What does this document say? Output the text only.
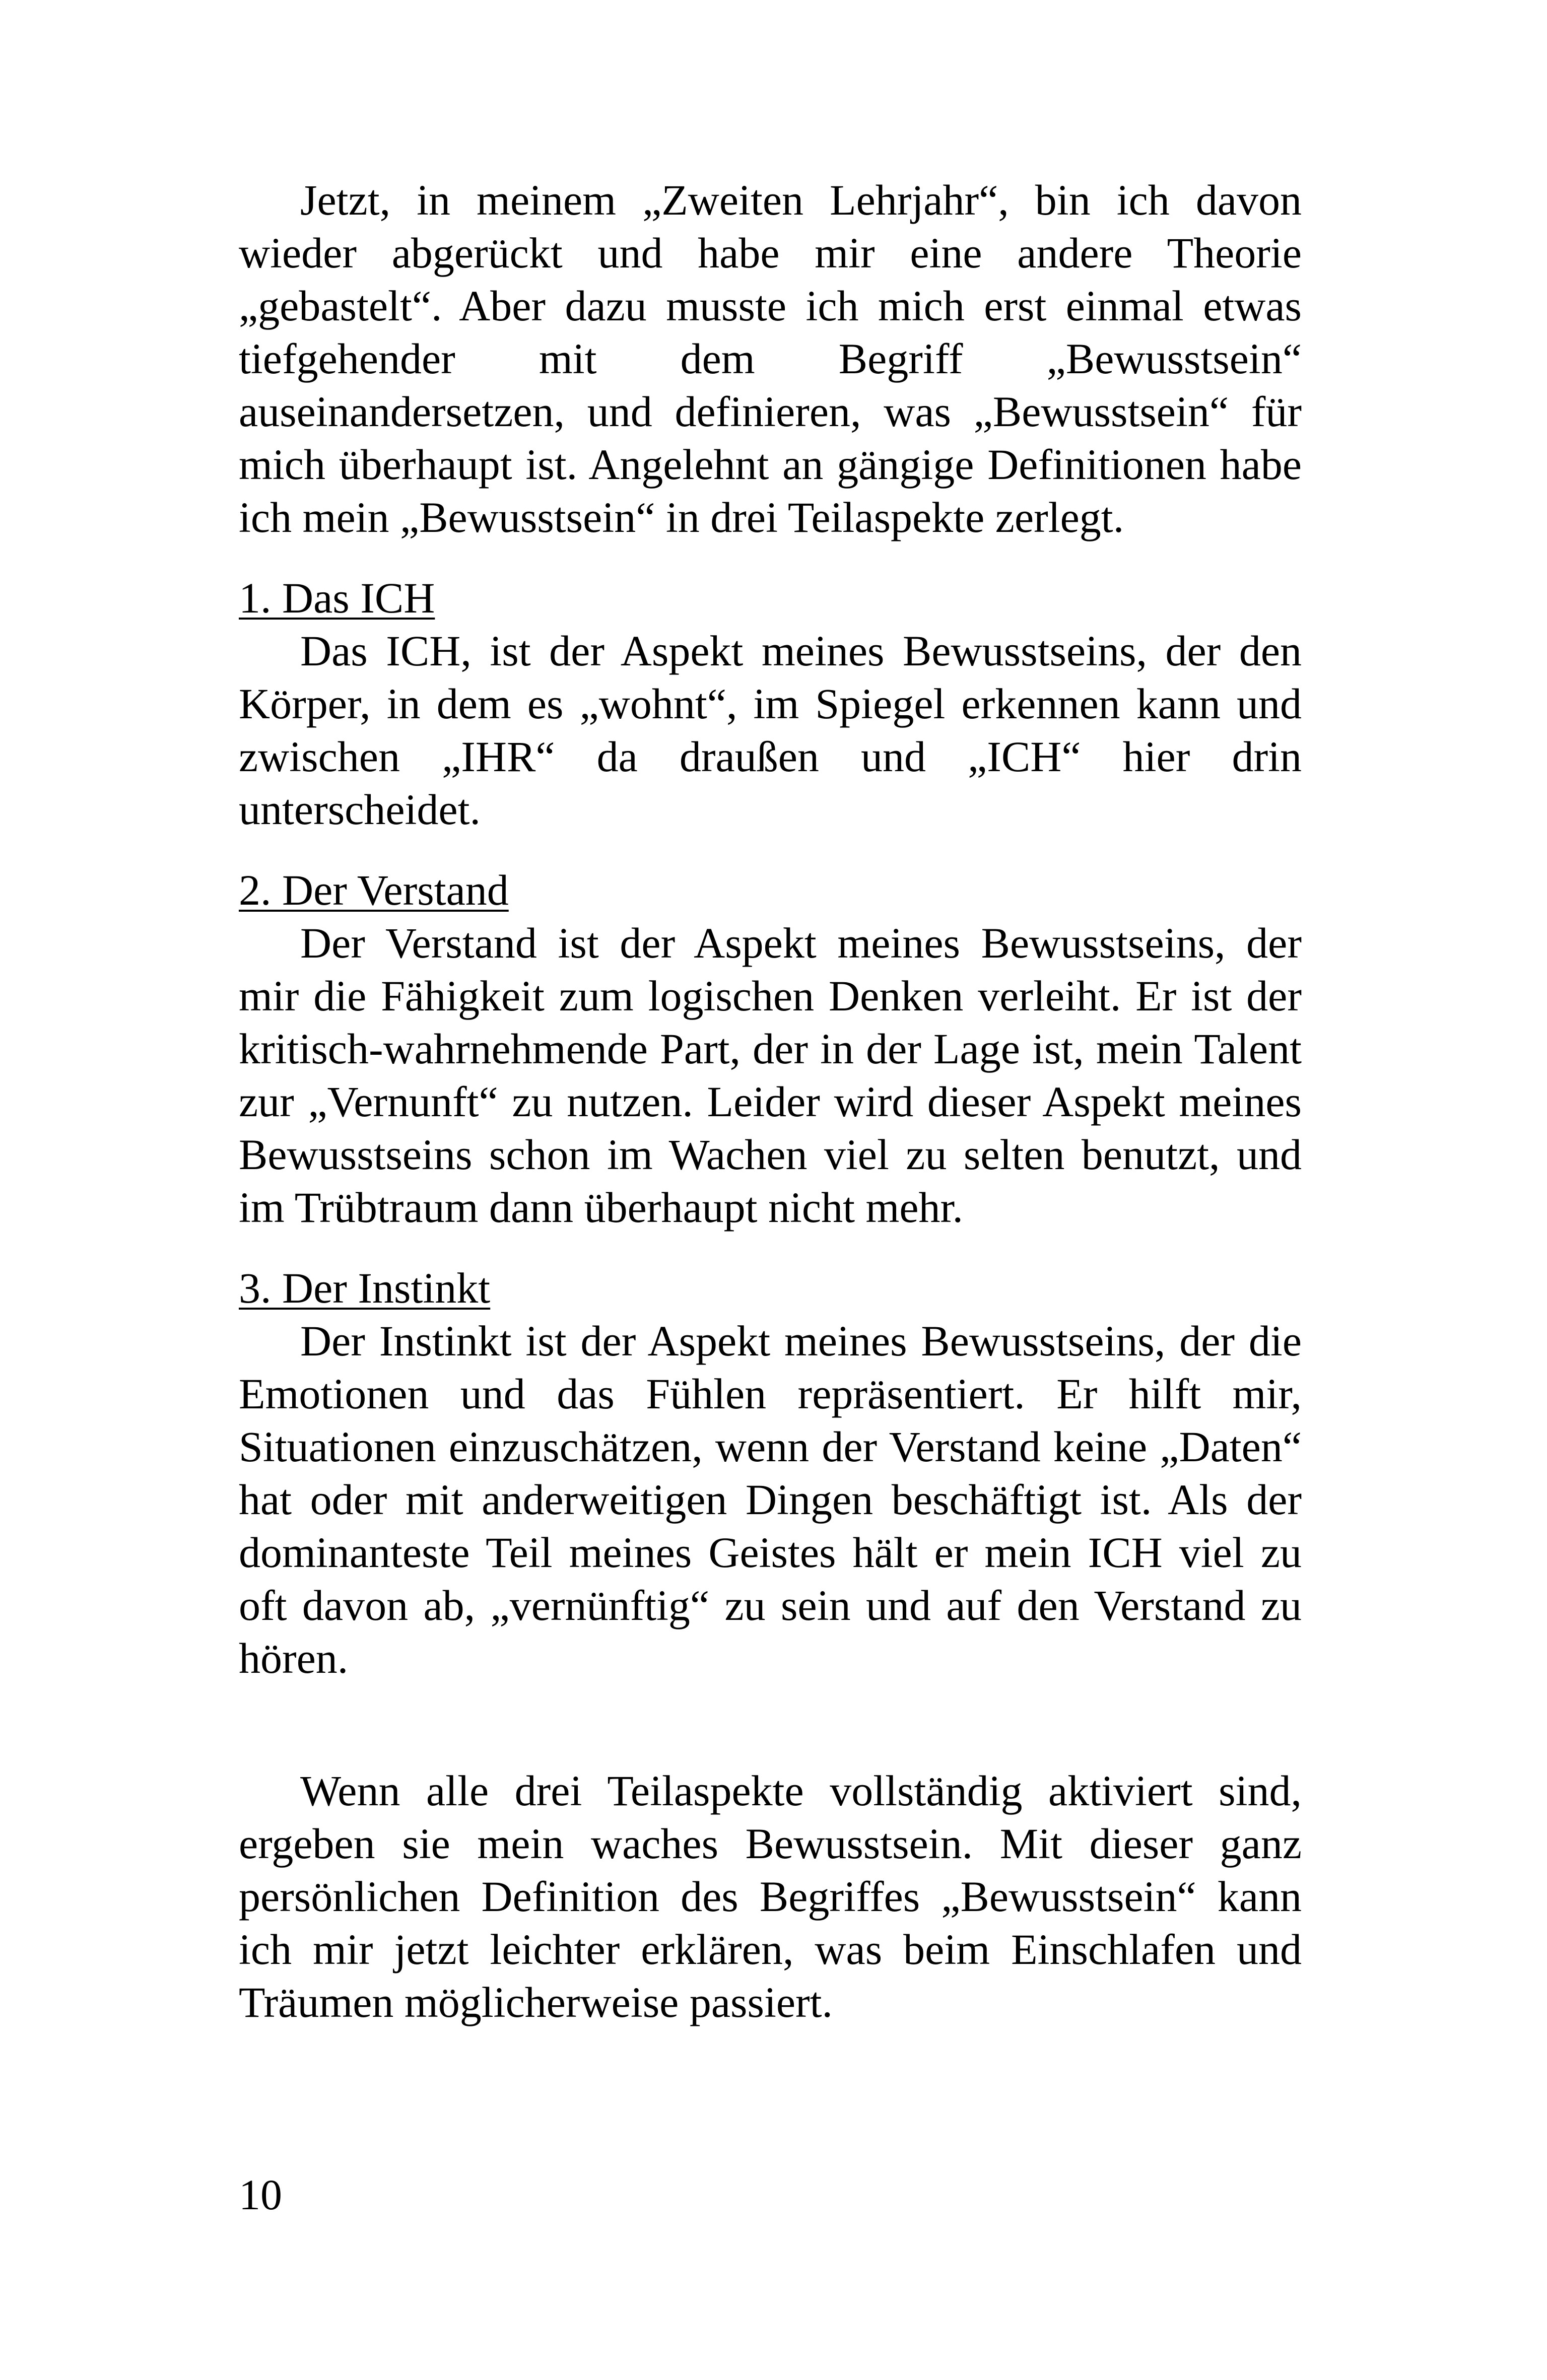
Jetzt, in meinem „Zweiten Lehrjahr“, bin ich davon wieder abgerückt und habe mir eine andere Theorie „gebastelt“. Aber dazu musste ich mich erst einmal etwas tiefgehender mit dem Begriff „Bewusstsein“ auseinandersetzen, und definieren, was „Bewusstsein“ für mich überhaupt ist. Angelehnt an gängige Definitionen habe ich mein „Bewusstsein“ in drei Teilaspekte zerlegt.

1. Das ICH

Das ICH, ist der Aspekt meines Bewusstseins, der den Körper, in dem es „wohnt“, im Spiegel erkennen kann und zwischen „IHR“ da draußen und „ICH“ hier drin unterscheidet.

2. Der Verstand

Der Verstand ist der Aspekt meines Bewusstseins, der mir die Fähigkeit zum logischen Denken verleiht. Er ist der kritisch-wahrnehmende Part, der in der Lage ist, mein Talent zur „Vernunft“ zu nutzen. Leider wird dieser Aspekt meines Bewusstseins schon im Wachen viel zu selten benutzt, und im Trübtraum dann überhaupt nicht mehr.

3. Der Instinkt

Der Instinkt ist der Aspekt meines Bewusstseins, der die Emotionen und das Fühlen repräsentiert. Er hilft mir, Situationen einzuschätzen, wenn der Verstand keine „Daten“ hat oder mit anderweitigen Dingen beschäftigt ist. Als der dominanteste Teil meines Geistes hält er mein ICH viel zu oft davon ab, „vernünftig“ zu sein und auf den Verstand zu hören.

Wenn alle drei Teilaspekte vollständig aktiviert sind, ergeben sie mein waches Bewusstsein. Mit dieser ganz persönlichen Definition des Begriffes „Bewusstsein“ kann ich mir jetzt leichter erklären, was beim Einschlafen und Träumen möglicherweise passiert.

10
